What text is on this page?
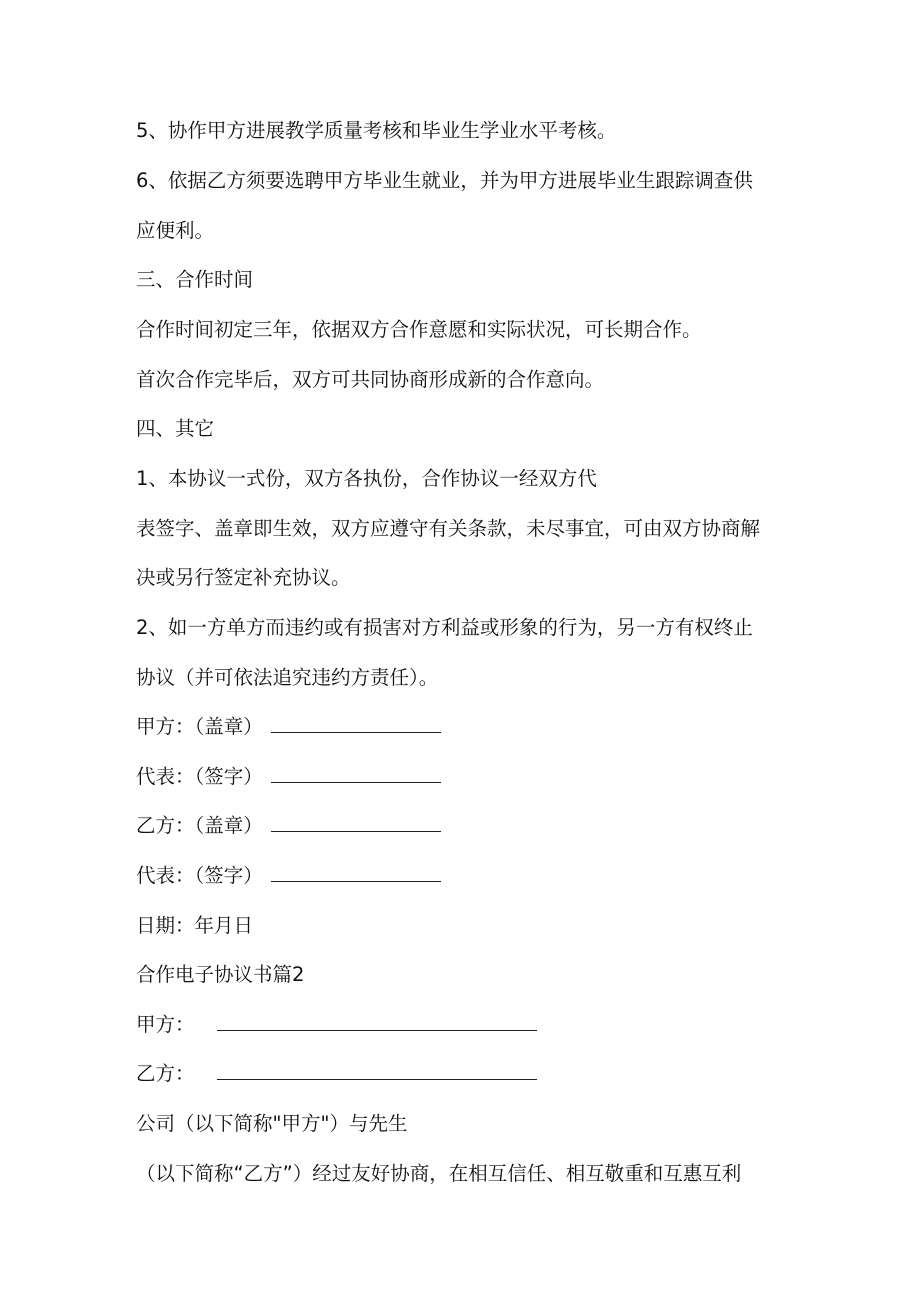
5、协作甲方进展教学质量考核和毕业生学业水平考核。
6、依据乙方须要选聘甲方毕业生就业，并为甲方进展毕业生跟踪调查供
应便利。
三、合作时间
合作时间初定三年，依据双方合作意愿和实际状况，可长期合作。
首次合作完毕后，双方可共同协商形成新的合作意向。
四、其它
1、本协议一式份，双方各执份，合作协议一经双方代
表签字、盖章即生效，双方应遵守有关条款，未尽事宜，可由双方协商解
决或另行签定补充协议。
2、如一方单方而违约或有损害对方利益或形象的行为，另一方有权终止
协议（并可依法追究违约方责任）。
甲方：（盖章）
代表：（签字）
乙方：（盖章）
代表：（签字）
日期：年月日
合作电子协议书篇2
甲方：
乙方：
公司（以下简称"甲方"）与先生
（以下简称“乙方”）经过友好协商，在相互信任、相互敬重和互惠互利
